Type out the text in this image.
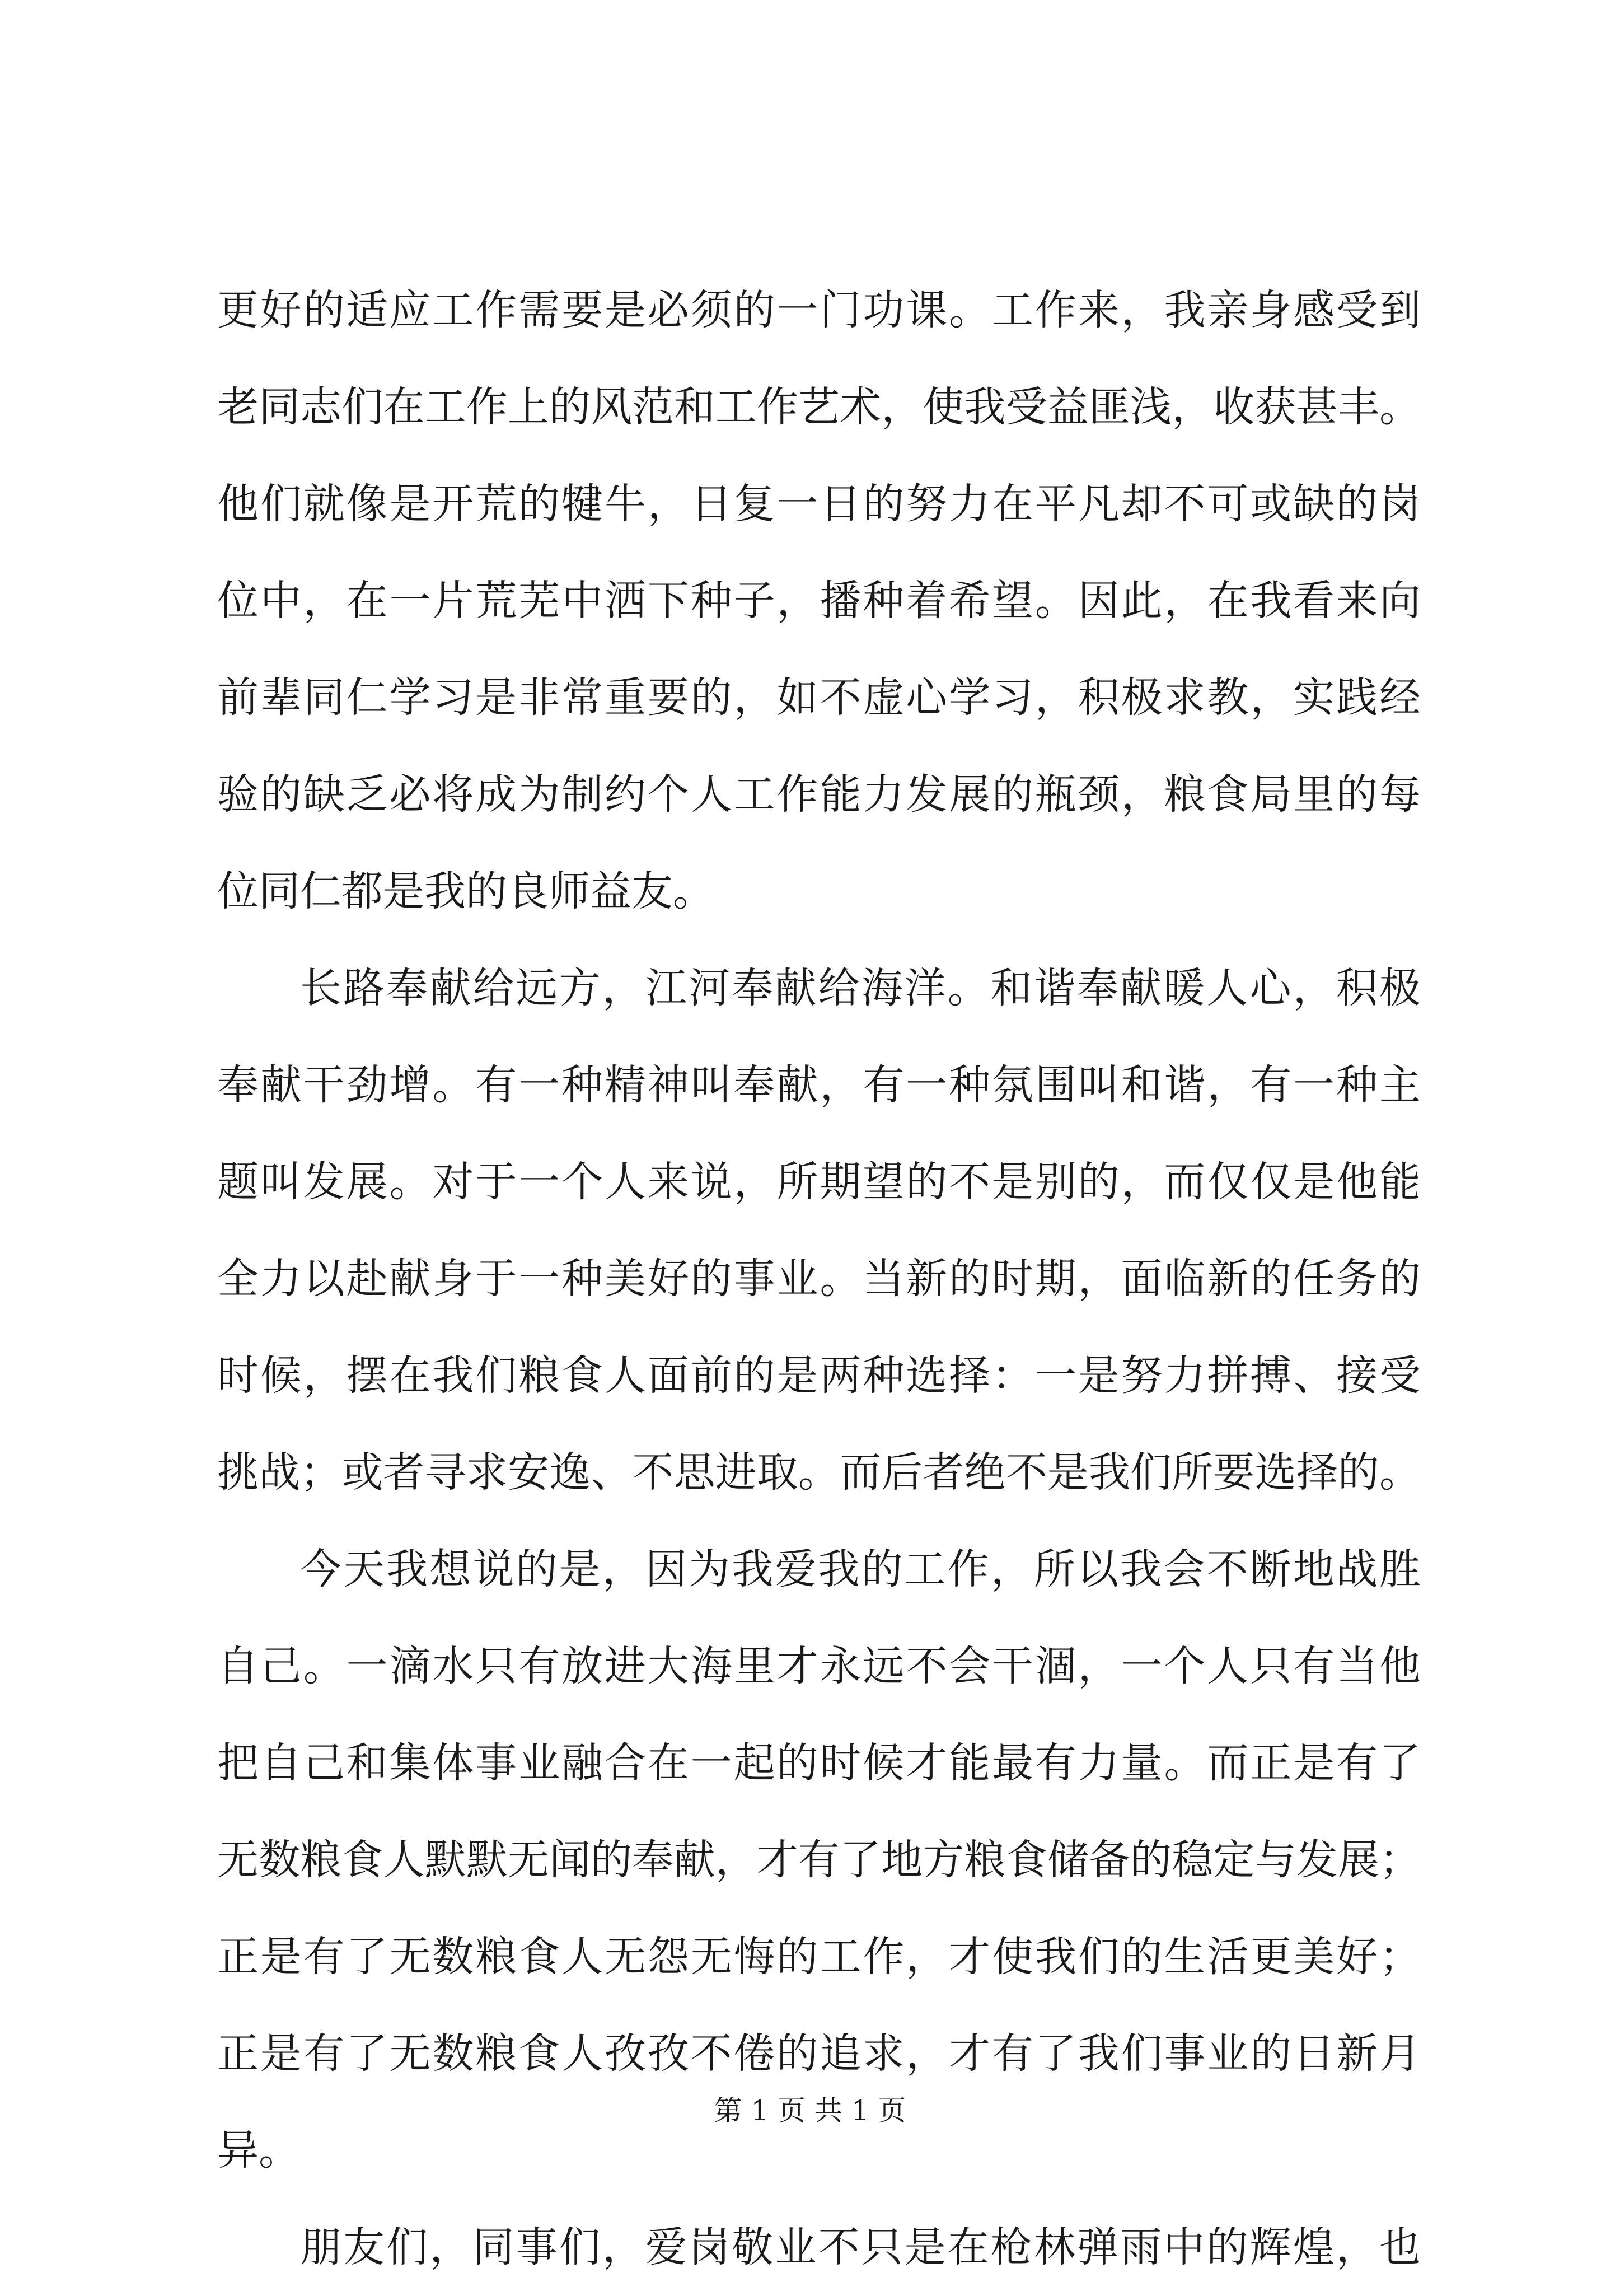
更好的适应工作需要是必须的一门功课。工作来，我亲身感受到
老同志们在工作上的风范和工作艺术，使我受益匪浅，收获甚丰。
他们就像是开荒的犍牛，日复一日的努力在平凡却不可或缺的岗
位中，在一片荒芜中洒下种子，播种着希望。因此，在我看来向
前辈同仁学习是非常重要的，如不虚心学习，积极求教，实践经
验的缺乏必将成为制约个人工作能力发展的瓶颈，粮食局里的每
位同仁都是我的良师益友。
长路奉献给远方，江河奉献给海洋。和谐奉献暖人心，积极
奉献干劲增。有一种精神叫奉献，有一种氛围叫和谐，有一种主
题叫发展。对于一个人来说，所期望的不是别的，而仅仅是他能
全力以赴献身于一种美好的事业。当新的时期，面临新的任务的
时候，摆在我们粮食人面前的是两种选择：一是努力拼搏、接受
挑战；或者寻求安逸、不思进取。而后者绝不是我们所要选择的。
今天我想说的是，因为我爱我的工作，所以我会不断地战胜
自己。一滴水只有放进大海里才永远不会干涸，一个人只有当他
把自己和集体事业融合在一起的时候才能最有力量。而正是有了
无数粮食人默默无闻的奉献，才有了地方粮食储备的稳定与发展；
正是有了无数粮食人无怨无悔的工作，才使我们的生活更美好；
正是有了无数粮食人孜孜不倦的追求，才有了我们事业的日新月
异。
朋友们，同事们，爱岗敬业不只是在枪林弹雨中的辉煌，也
第 1 页 共 1 页
